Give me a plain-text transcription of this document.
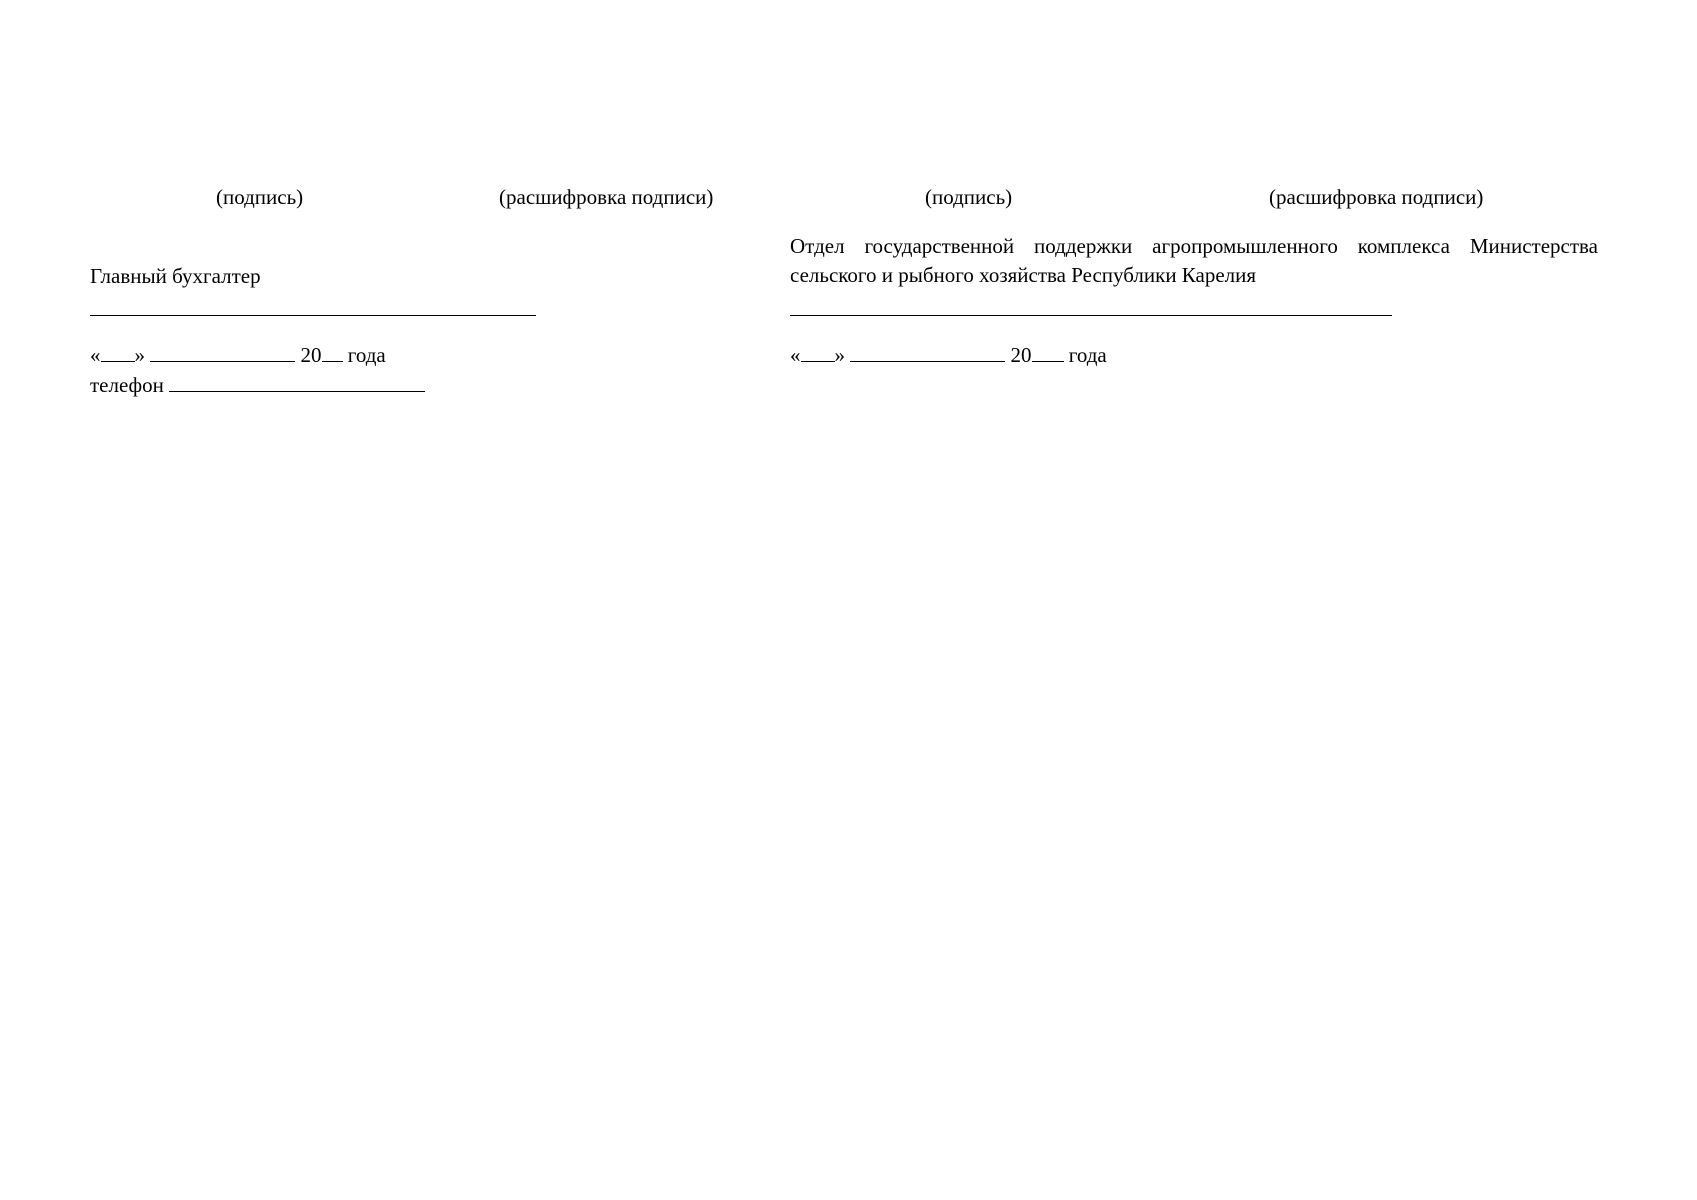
(подпись)	(расшифровка подписи)
Главный бухгалтер
« »	20 года
телефон
(подпись)	(расшифровка подписи)
Отдел государственной поддержки агропромышленного комплекса Министерства сельского и рыбного хозяйства Республики Карелия
« »	20 года
